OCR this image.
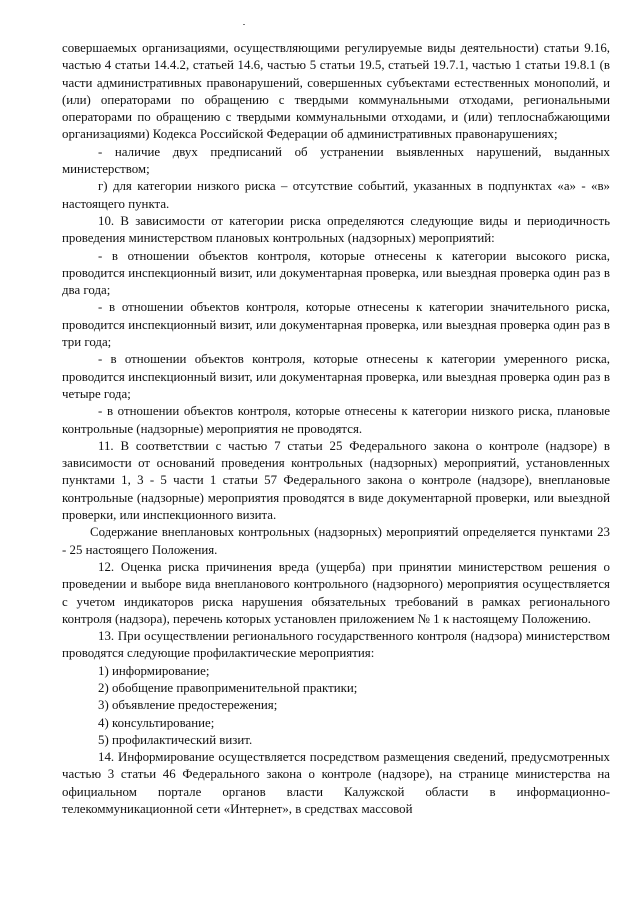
совершаемых организациями, осуществляющими регулируемые виды деятельности) статьи 9.16, частью 4 статьи 14.4.2, статьей 14.6, частью 5 статьи 19.5, статьей 19.7.1, частью 1 статьи 19.8.1 (в части административных правонарушений, совершенных субъектами естественных монополий, и (или) операторами по обращению с твердыми коммунальными отходами, региональными операторами по обращению с твердыми коммунальными отходами, и (или) теплоснабжающими организациями) Кодекса Российской Федерации об административных правонарушениях;

- наличие двух предписаний об устранении выявленных нарушений, выданных министерством;

г) для категории низкого риска – отсутствие событий, указанных в подпунктах «а» - «в» настоящего пункта.

10. В зависимости от категории риска определяются следующие виды и периодичность проведения министерством плановых контрольных (надзорных) мероприятий:

- в отношении объектов контроля, которые отнесены к категории высокого риска, проводится инспекционный визит, или документарная проверка, или выездная проверка один раз в два года;

- в отношении объектов контроля, которые отнесены к категории значительного риска, проводится инспекционный визит, или документарная проверка, или выездная проверка один раз в три года;

- в отношении объектов контроля, которые отнесены к категории умеренного риска, проводится инспекционный визит, или документарная проверка, или выездная проверка один раз в четыре года;

- в отношении объектов контроля, которые отнесены к категории низкого риска, плановые контрольные (надзорные) мероприятия не проводятся.

11. В соответствии с частью 7 статьи 25 Федерального закона о контроле (надзоре) в зависимости от оснований проведения контрольных (надзорных) мероприятий, установленных пунктами 1, 3 - 5 части 1 статьи 57 Федерального закона о контроле (надзоре), внеплановые контрольные (надзорные) мероприятия проводятся в виде документарной проверки, или выездной проверки, или инспекционного визита.

Содержание внеплановых контрольных (надзорных) мероприятий определяется пунктами 23 - 25 настоящего Положения.

12. Оценка риска причинения вреда (ущерба) при принятии министерством решения о проведении и выборе вида внепланового контрольного (надзорного) мероприятия осуществляется с учетом индикаторов риска нарушения обязательных требований в рамках регионального контроля (надзора), перечень которых установлен приложением № 1 к настоящему Положению.

13. При осуществлении регионального государственного контроля (надзора) министерством проводятся следующие профилактические мероприятия:

1) информирование;

2) обобщение правоприменительной практики;

3) объявление предостережения;

4) консультирование;

5) профилактический визит.

14. Информирование осуществляется посредством размещения сведений, предусмотренных частью 3 статьи 46 Федерального закона о контроле (надзоре), на странице министерства на официальном портале органов власти Калужской области в информационно-телекоммуникационной сети «Интернет», в средствах массовой
